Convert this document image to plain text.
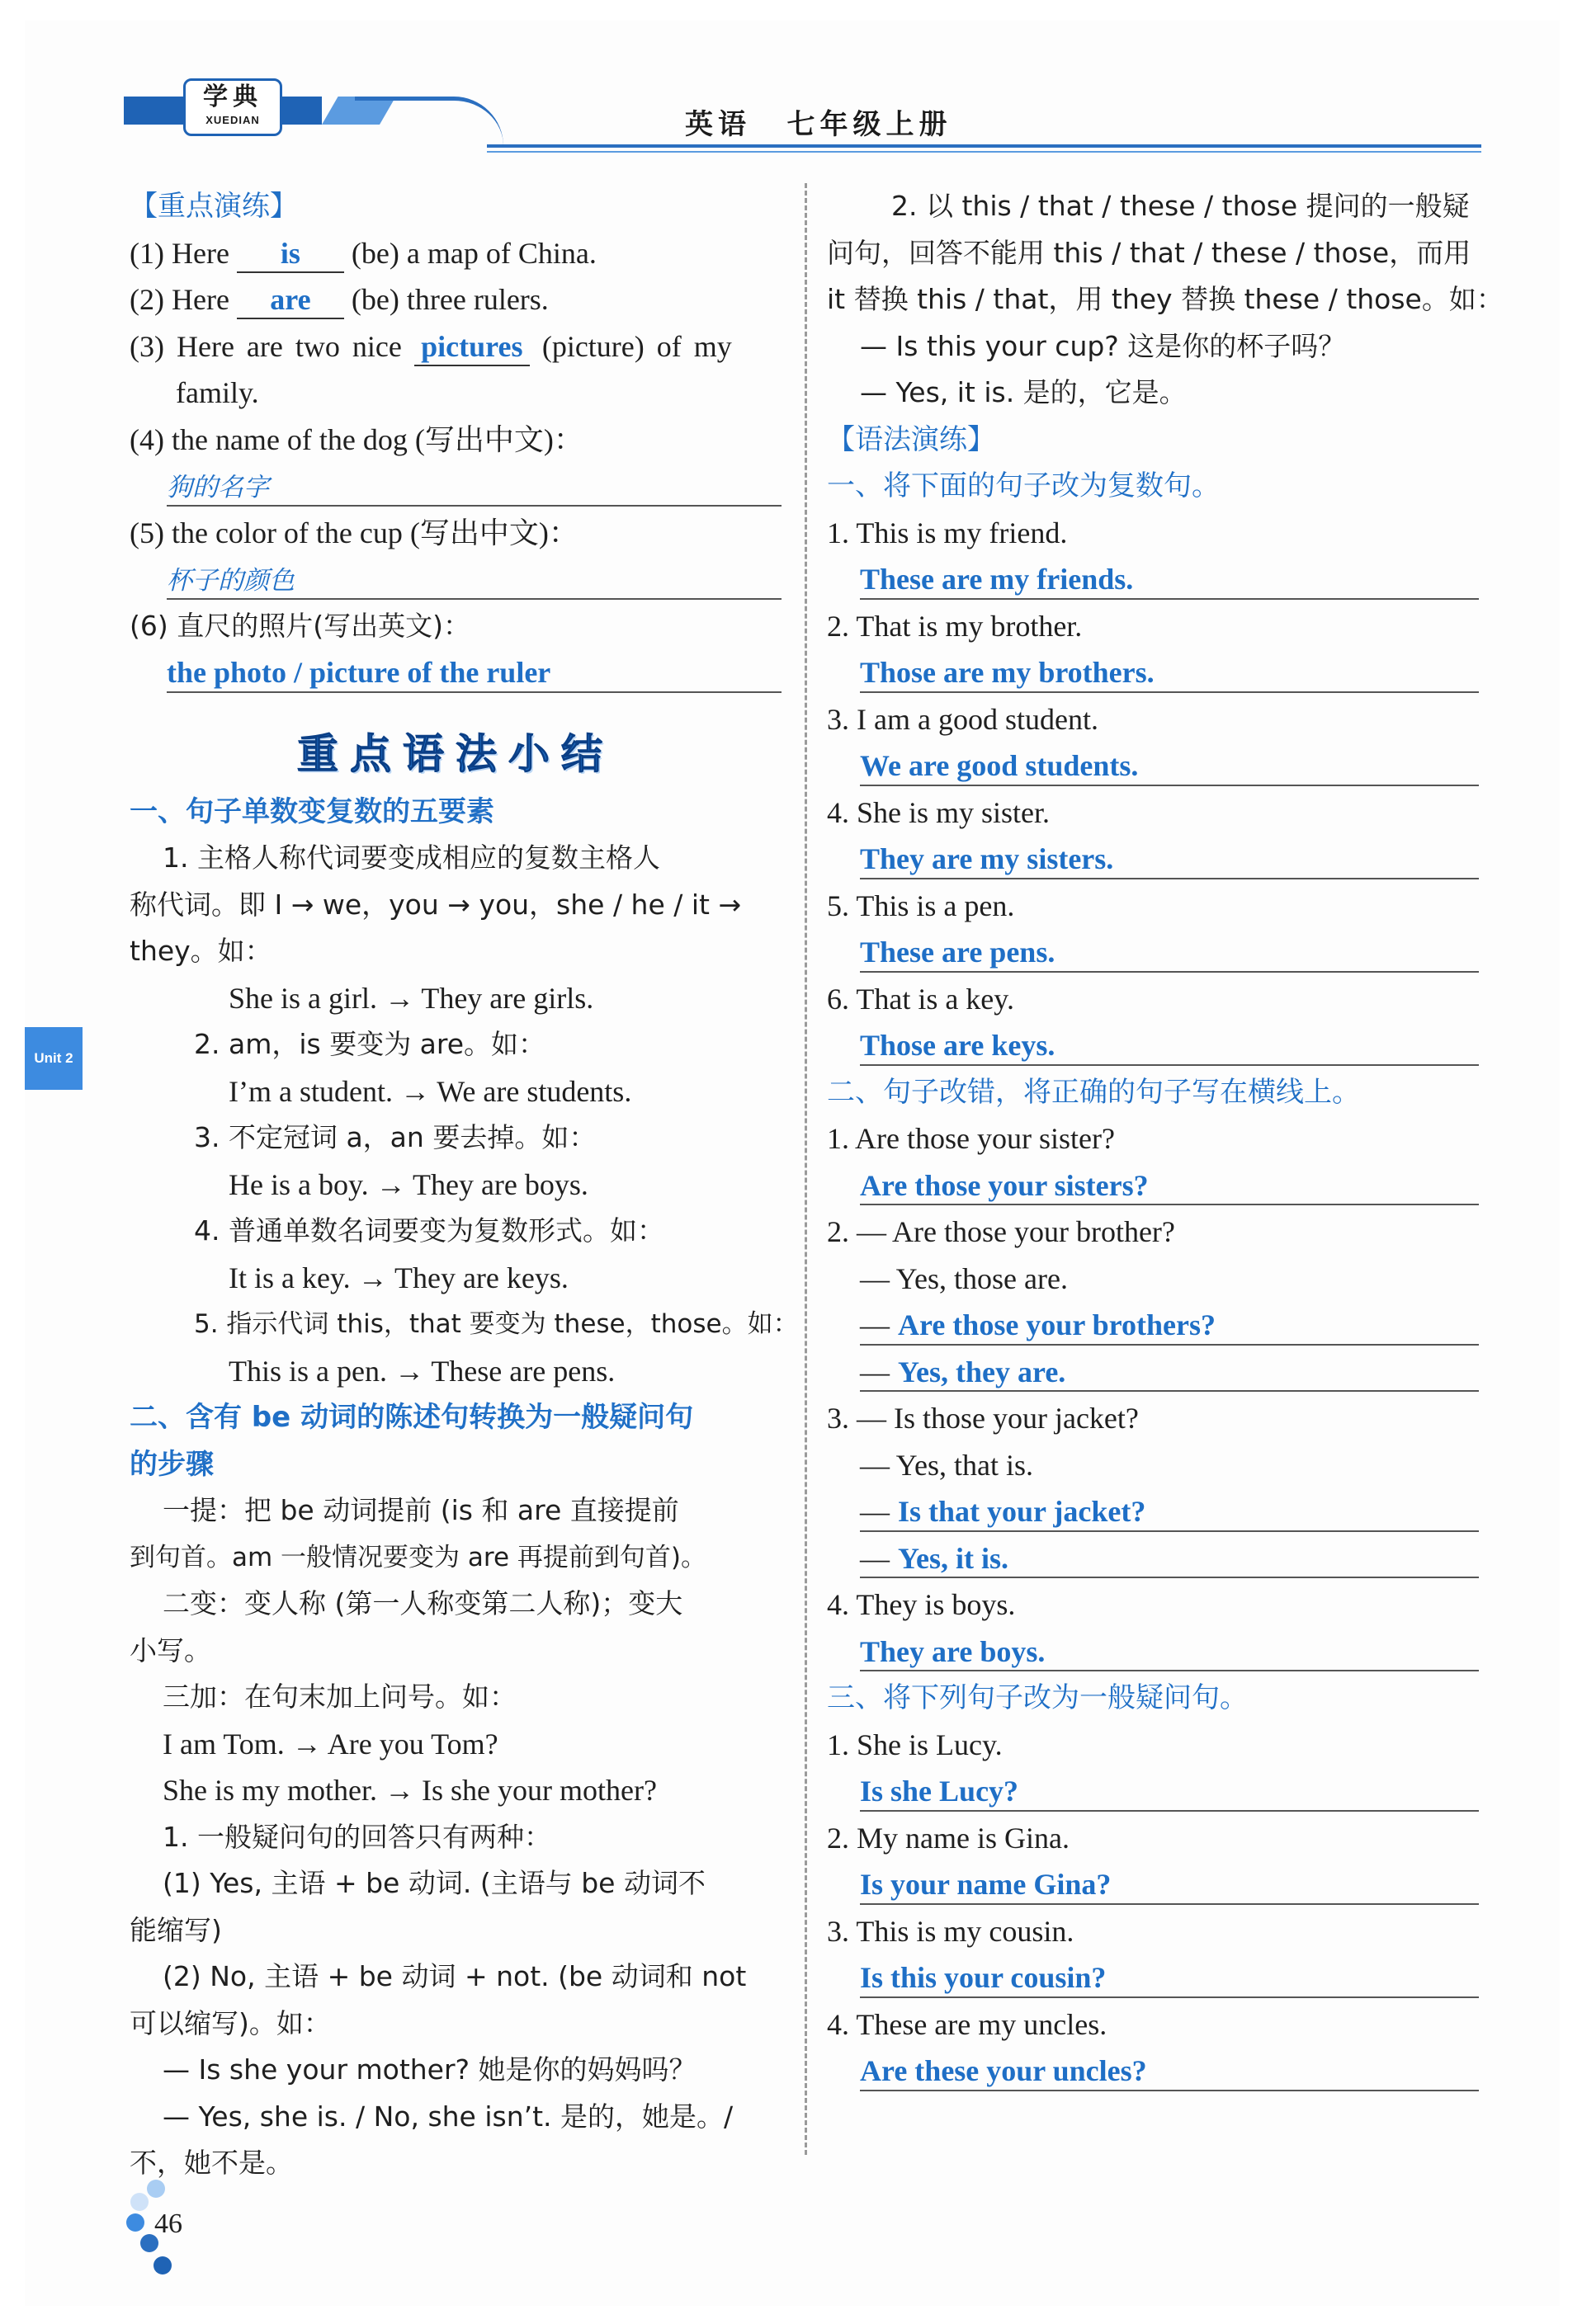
学典
XUEDIAN	英语   七年级上册
Unit 2
【重点演练】
(1) Here is (be) a map of China.
(2) Here are (be) three rulers.
(3) Here are two nice pictures (picture) of my
family.
(4) the name of the dog (写出中文)：
狗的名字
(5) the color of the cup (写出中文)：
杯子的颜色
(6) 直尺的照片(写出英文)：
the photo / picture of the ruler
重点语法小结
一、句子单数变复数的五要素
1. 主格人称代词要变成相应的复数主格人
称代词。即 I → we，you → you，she / he / it →
they。如：
She is a girl. → They are girls.
2. am，is 要变为 are。如：
I’m a student. → We are students.
3. 不定冠词 a，an 要去掉。如：
He is a boy. → They are boys.
4. 普通单数名词要变为复数形式。如：
It is a key. → They are keys.
5. 指示代词 this，that 要变为 these，those。如：
This is a pen. → These are pens.
二、含有 be 动词的陈述句转换为一般疑问句
的步骤
一提：把 be 动词提前 (is 和 are 直接提前
到句首。am 一般情况要变为 are 再提前到句首)。
二变：变人称 (第一人称变第二人称)；变大
小写。
三加：在句末加上问号。如：
I am Tom. → Are you Tom?
She is my mother. → Is she your mother?
1. 一般疑问句的回答只有两种：
(1) Yes, 主语 + be 动词. (主语与 be 动词不
能缩写)
(2) No, 主语 + be 动词 + not. (be 动词和 not
可以缩写)。如：
— Is she your mother? 她是你的妈妈吗？
— Yes, she is. / No, she isn’t. 是的，她是。/
不，她不是。
2. 以 this / that / these / those 提问的一般疑
问句，回答不能用 this / that / these / those，而用
it 替换 this / that，用 they 替换 these / those。如：
— Is this your cup? 这是你的杯子吗？
— Yes, it is. 是的，它是。
【语法演练】
一、将下面的句子改为复数句。
1. This is my friend.
These are my friends.
2. That is my brother.
Those are my brothers.
3. I am a good student.
We are good students.
4. She is my sister.
They are my sisters.
5. This is a pen.
These are pens.
6. That is a key.
Those are keys.
二、句子改错，将正确的句子写在横线上。
1. Are those your sister?
Are those your sisters?
2. — Are those your brother?
— Yes, those are.
— Are those your brothers?
— Yes, they are.
3. — Is those your jacket?
— Yes, that is.
— Is that your jacket?
— Yes, it is.
4. They is boys.
They are boys.
三、将下列句子改为一般疑问句。
1. She is Lucy.
Is she Lucy?
2. My name is Gina.
Is your name Gina?
3. This is my cousin.
Is this your cousin?
4. These are my uncles.
Are these your uncles?
46
